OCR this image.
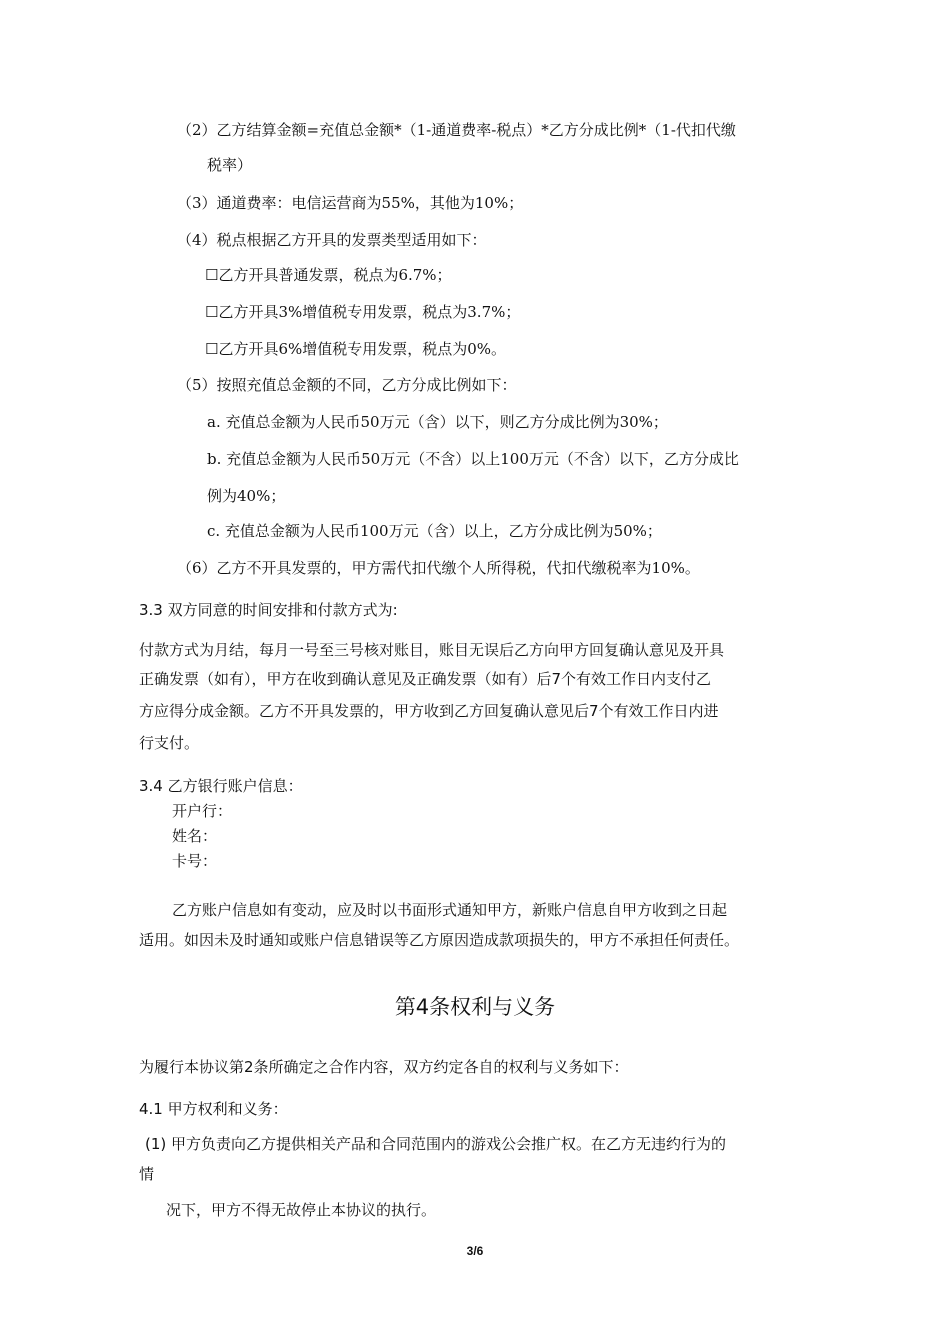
（2）乙方结算金额=充值总金额*（1-通道费率-税点）*乙方分成比例*（1-代扣代缴
税率）
（3）通道费率：电信运营商为55%，其他为10%；
（4）税点根据乙方开具的发票类型适用如下：
☐乙方开具普通发票，税点为6.7%；
☐乙方开具3%增值税专用发票，税点为3.7%；
☐乙方开具6%增值税专用发票，税点为0%。
（5）按照充值总金额的不同，乙方分成比例如下：
a. 充值总金额为人民币50万元（含）以下，则乙方分成比例为30%；
b. 充值总金额为人民币50万元（不含）以上100万元（不含）以下，乙方分成比
例为40%；
c. 充值总金额为人民币100万元（含）以上，乙方分成比例为50%；
（6）乙方不开具发票的，甲方需代扣代缴个人所得税，代扣代缴税率为10%。
3.3 双方同意的时间安排和付款方式为:
付款方式为月结，每月一号至三号核对账目，账目无误后乙方向甲方回复确认意见及开具
正确发票（如有），甲方在收到确认意见及正确发票（如有）后7个有效工作日内支付乙
方应得分成金额。乙方不开具发票的，甲方收到乙方回复确认意见后7个有效工作日内进
行支付。
3.4 乙方银行账户信息：
开户行：
姓名：
卡号：
乙方账户信息如有变动，应及时以书面形式通知甲方，新账户信息自甲方收到之日起
适用。如因未及时通知或账户信息错误等乙方原因造成款项损失的，甲方不承担任何责任。
第4条权利与义务
为履行本协议第2条所确定之合作内容，双方约定各自的权利与义务如下：
4.1 甲方权利和义务：
(1) 甲方负责向乙方提供相关产品和合同范围内的游戏公会推广权。在乙方无违约行为的
情
况下，甲方不得无故停止本协议的执行。
3/6
